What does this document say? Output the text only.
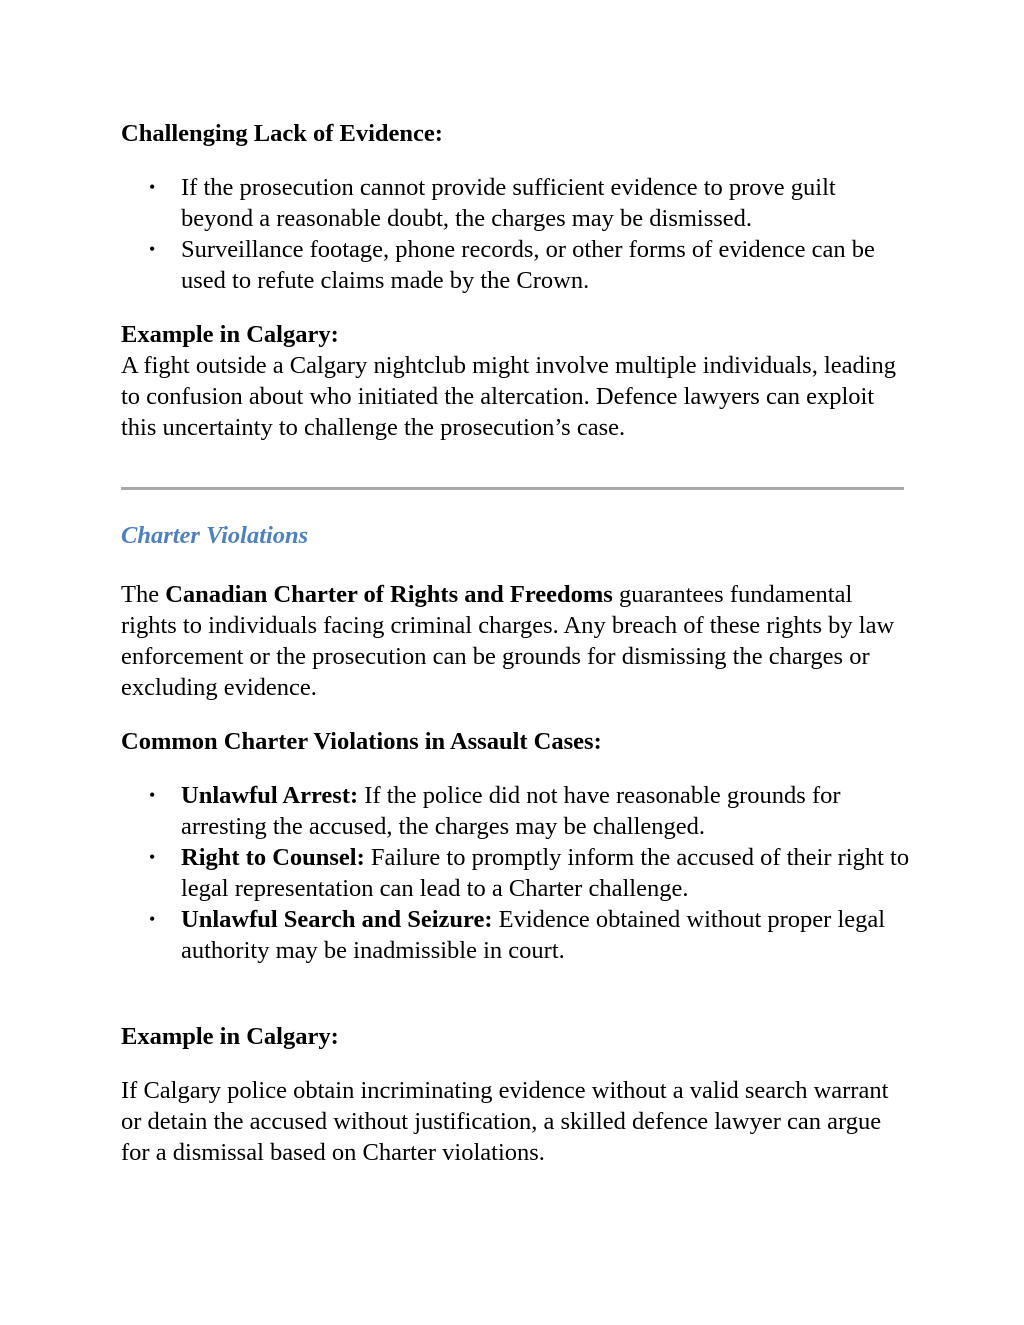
Challenging Lack of Evidence:

• If the prosecution cannot provide sufficient evidence to prove guilt beyond a reasonable doubt, the charges may be dismissed.
• Surveillance footage, phone records, or other forms of evidence can be used to refute claims made by the Crown.

Example in Calgary:

A fight outside a Calgary nightclub might involve multiple individuals, leading to confusion about who initiated the altercation. Defence lawyers can exploit this uncertainty to challenge the prosecution’s case.

Charter Violations

The Canadian Charter of Rights and Freedoms guarantees fundamental rights to individuals facing criminal charges. Any breach of these rights by law enforcement or the prosecution can be grounds for dismissing the charges or excluding evidence.

Common Charter Violations in Assault Cases:

• Unlawful Arrest: If the police did not have reasonable grounds for arresting the accused, the charges may be challenged.
• Right to Counsel: Failure to promptly inform the accused of their right to legal representation can lead to a Charter challenge.
• Unlawful Search and Seizure: Evidence obtained without proper legal authority may be inadmissible in court.

Example in Calgary:

If Calgary police obtain incriminating evidence without a valid search warrant or detain the accused without justification, a skilled defence lawyer can argue for a dismissal based on Charter violations.
